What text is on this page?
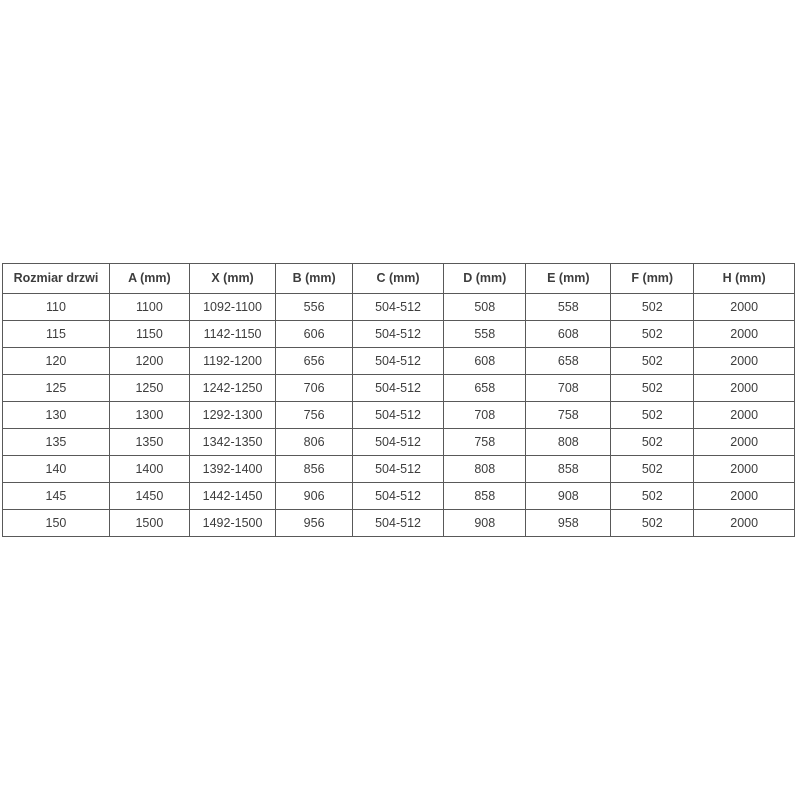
Rozmiar drzwi	A (mm)	X (mm)	B (mm)	C (mm)	D (mm)	E (mm)	F (mm)	H (mm)
110	1100	1092-1100	556	504-512	508	558	502	2000
115	1150	1142-1150	606	504-512	558	608	502	2000
120	1200	1192-1200	656	504-512	608	658	502	2000
125	1250	1242-1250	706	504-512	658	708	502	2000
130	1300	1292-1300	756	504-512	708	758	502	2000
135	1350	1342-1350	806	504-512	758	808	502	2000
140	1400	1392-1400	856	504-512	808	858	502	2000
145	1450	1442-1450	906	504-512	858	908	502	2000
150	1500	1492-1500	956	504-512	908	958	502	2000
